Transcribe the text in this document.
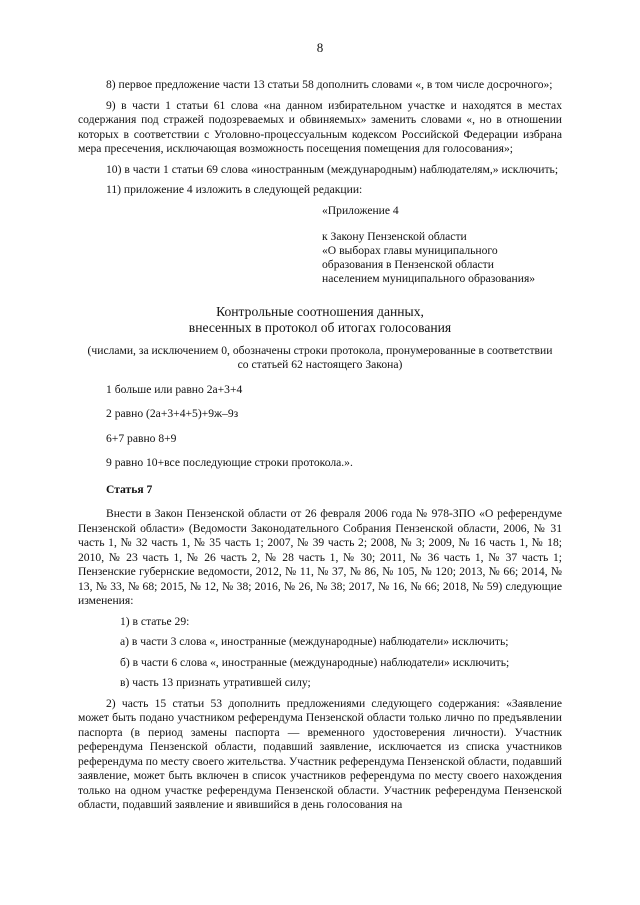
8

8) первое предложение части 13 статьи 58 дополнить словами «, в том числе досрочного»;

9) в части 1 статьи 61 слова «на данном избирательном участке и находятся в местах содержания под стражей подозреваемых и обвиняемых» заменить словами «, но в отношении которых в соответствии с Уголовно-процессуальным кодексом Российской Федерации избрана мера пресечения, исключающая возможность посещения помещения для голосования»;

10) в части 1 статьи 69 слова «иностранным (международным) наблюдателям,» исключить;

11) приложение 4 изложить в следующей редакции:

«Приложение 4
к Закону Пензенской области
«О выборах главы муниципального
образования в Пензенской области
населением муниципального образования»
Контрольные соотношения данных,
внесенных в протокол об итогах голосования
(числами, за исключением 0, обозначены строки протокола, пронумерованные в соответствии со статьей 62 настоящего Закона)

1 больше или равно 2а+3+4

2 равно (2а+3+4+5)+9ж–9з

6+7 равно 8+9

9 равно 10+все последующие строки протокола.».

Статья 7

Внести в Закон Пензенской области от 26 февраля 2006 года № 978-ЗПО «О референдуме Пензенской области» (Ведомости Законодательного Собрания Пензенской области, 2006, № 31 часть 1, № 32 часть 1, № 35 часть 1; 2007, № 39 часть 2; 2008, № 3; 2009, № 16 часть 1, № 18; 2010, № 23 часть 1, № 26 часть 2, № 28 часть 1, № 30; 2011, № 36 часть 1, № 37 часть 1; Пензенские губернские ведомости, 2012, № 11, № 37, № 86, № 105, № 120; 2013, № 66; 2014, № 13, № 33, № 68; 2015, № 12, № 38; 2016, № 26, № 38; 2017, № 16, № 66; 2018, № 59) следующие изменения:

1) в статье 29:

а) в части 3 слова «, иностранные (международные) наблюдатели» исключить;

б) в части 6 слова «, иностранные (международные) наблюдатели» исключить;

в) часть 13 признать утратившей силу;

2) часть 15 статьи 53 дополнить предложениями следующего содержания: «Заявление может быть подано участником референдума Пензенской области только лично по предъявлении паспорта (в период замены паспорта — временного удостоверения личности). Участник референдума Пензенской области, подавший заявление, исключается из списка участников референдума по месту своего жительства. Участник референдума Пензенской области, подавший заявление, может быть включен в список участников референдума по месту своего нахождения только на одном участке референдума Пензенской области. Участник референдума Пензенской области, подавший заявление и явившийся в день голосования на
